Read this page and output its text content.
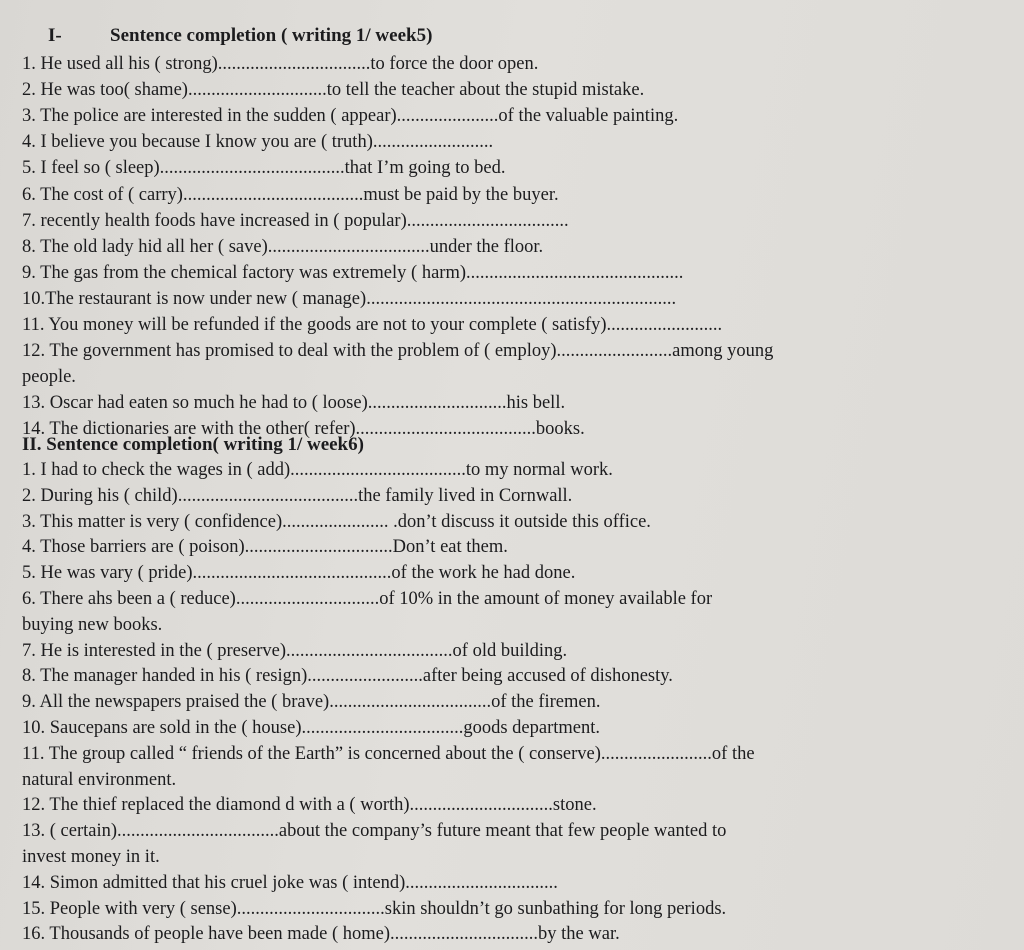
I-	Sentence completion ( writing 1/ week5)
1. He used all his ( strong).................................to force the door open.
2. He was too( shame)..............................to tell the teacher about the stupid mistake.
3. The police are interested in the sudden ( appear)......................of the valuable painting.
4. I believe you because I know you are ( truth)..........................
5. I feel so ( sleep)........................................that I’m going to bed.
6. The cost of ( carry).......................................must be paid by the buyer.
7. recently health foods have increased in ( popular)...................................
8. The old lady hid all her ( save)...................................under the floor.
9. The gas from the chemical factory was extremely ( harm)...............................................
10.The restaurant is now under new ( manage)...................................................................
11. You money will be refunded if the goods are not to your complete ( satisfy).........................
12. The government has promised to deal with the problem of ( employ).........................among young
people.
13. Oscar had eaten so much he had to ( loose)..............................his bell.
14. The dictionaries are with the other( refer).......................................books.
II. Sentence completion( writing 1/ week6)
1. I had to check the wages in ( add)......................................to my normal work.
2. During his ( child).......................................the family lived in Cornwall.
3. This matter is very ( confidence)....................... .don’t discuss it outside this office.
4. Those barriers are ( poison)................................Don’t eat them.
5. He was vary ( pride)...........................................of the work he had done.
6. There ahs been a ( reduce)...............................of 10% in the amount of money available for
buying new books.
7. He is interested in the ( preserve)....................................of old building.
8. The manager handed in his ( resign).........................after being accused of dishonesty.
9. All the newspapers praised the ( brave)...................................of the firemen.
10. Saucepans are sold in the ( house)...................................goods department.
11. The group called “ friends of the Earth” is concerned about the ( conserve)........................of the
natural environment.
12. The thief replaced the diamond d with a ( worth)...............................stone.
13. ( certain)...................................about the company’s future meant that few people wanted to
invest money in it.
14. Simon admitted that his cruel joke was ( intend).................................
15. People with very ( sense)................................skin shouldn’t go sunbathing for long periods.
16. Thousands of people have been made ( home)................................by the war.
